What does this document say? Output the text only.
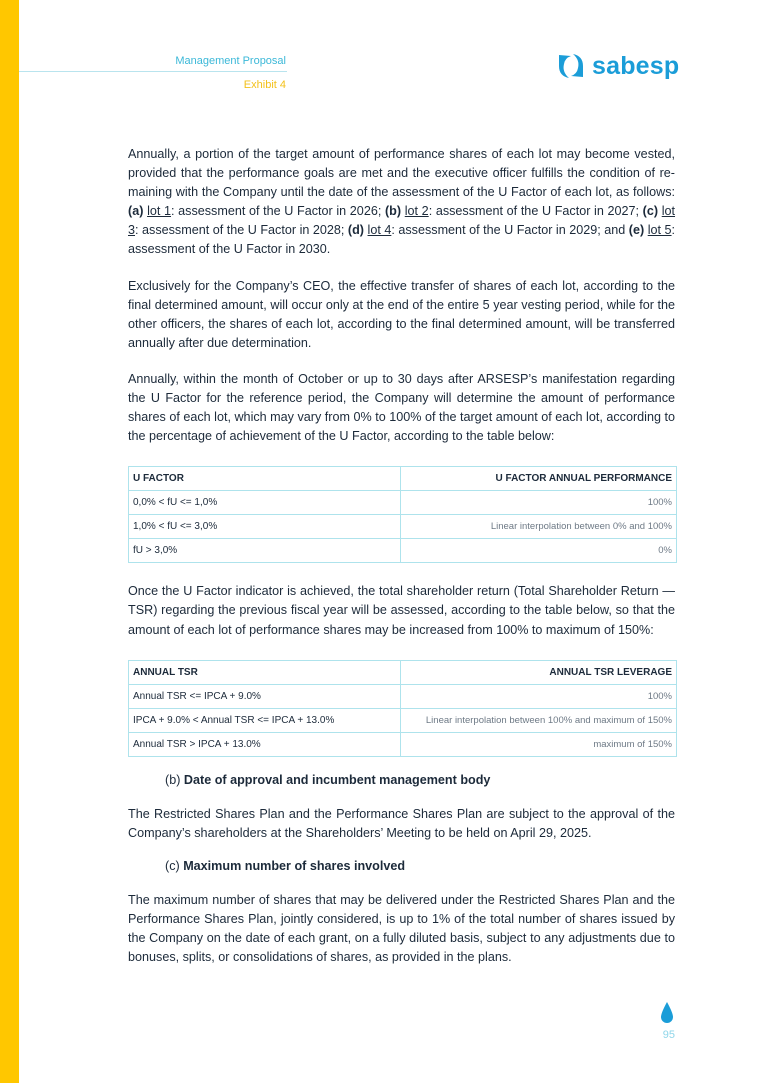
Management Proposal
Exhibit 4
sabesp

Annually, a portion of the target amount of performance shares of each lot may become vested, provided that the performance goals are met and the executive officer fulfills the condition of re-maining with the Company until the date of the assessment of the U Factor of each lot, as follows: (a) lot 1: assessment of the U Factor in 2026; (b) lot 2: assessment of the U Factor in 2027; (c) lot 3: assessment of the U Factor in 2028; (d) lot 4: assessment of the U Factor in 2029; and (e) lot 5: assessment of the U Factor in 2030.

Exclusively for the Company’s CEO, the effective transfer of shares of each lot, according to the final determined amount, will occur only at the end of the entire 5 year vesting period, while for the other officers, the shares of each lot, according to the final determined amount, will be transferred annually after due determination.

Annually, within the month of October or up to 30 days after ARSESP’s manifestation regarding the U Factor for the reference period, the Company will determine the amount of performance shares of each lot, which may vary from 0% to 100% of the target amount of each lot, according to the percentage of achievement of the U Factor, according to the table below:

U FACTOR	U FACTOR ANNUAL PERFORMANCE
0,0% < fU <= 1,0%	100%
1,0% < fU <= 3,0%	Linear interpolation between 0% and 100%
fU > 3,0%	0%

Once the U Factor indicator is achieved, the total shareholder return (Total Shareholder Return — TSR) regarding the previous fiscal year will be assessed, according to the table below, so that the amount of each lot of performance shares may be increased from 100% to maximum of 150%:

ANNUAL TSR	ANNUAL TSR LEVERAGE
Annual TSR <= IPCA + 9.0%	100%
IPCA + 9.0% < Annual TSR <= IPCA + 13.0%	Linear interpolation between 100% and maximum of 150%
Annual TSR > IPCA + 13.0%	maximum of 150%
(b) Date of approval and incumbent management body

The Restricted Shares Plan and the Performance Shares Plan are subject to the approval of the Company’s shareholders at the Shareholders’ Meeting to be held on April 29, 2025.

(c) Maximum number of shares involved

The maximum number of shares that may be delivered under the Restricted Shares Plan and the Performance Shares Plan, jointly considered, is up to 1% of the total number of shares issued by the Company on the date of each grant, on a fully diluted basis, subject to any adjustments due to bonuses, splits, or consolidations of shares, as provided in the plans.

95
